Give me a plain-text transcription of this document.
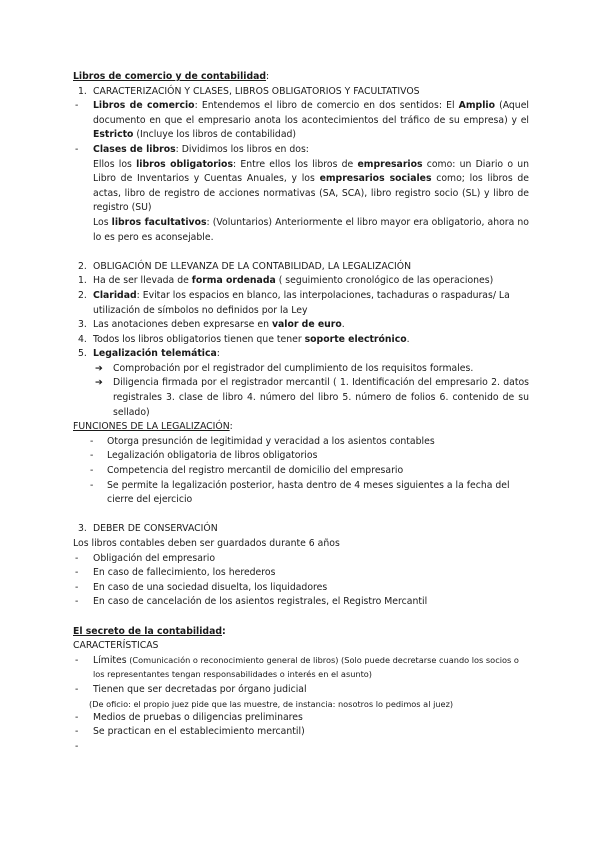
Libros de comercio y de contabilidad:
1. CARACTERIZACIÓN Y CLASES, LIBROS OBLIGATORIOS Y FACULTATIVOS
- Libros de comercio: Entendemos el libro de comercio en dos sentidos: El Amplio (Aquel documento en que el empresario anota los acontecimientos del tráfico de su empresa) y el Estricto (Incluye los libros de contabilidad)
- Clases de libros: Dividimos los libros en dos:
Ellos los libros obligatorios: Entre ellos los libros de empresarios como: un Diario o un Libro de Inventarios y Cuentas Anuales, y los empresarios sociales como; los libros de actas, libro de registro de acciones normativas (SA, SCA), libro registro socio (SL) y libro de registro (SU)
Los libros facultativos: (Voluntarios) Anteriormente el libro mayor era obligatorio, ahora no lo es pero es aconsejable.
2. OBLIGACIÓN DE LLEVANZA DE LA CONTABILIDAD, LA LEGALIZACIÓN
1. Ha de ser llevada de forma ordenada ( seguimiento cronológico de las operaciones)
2. Claridad: Evitar los espacios en blanco, las interpolaciones, tachaduras o raspaduras/ La utilización de símbolos no definidos por la Ley
3. Las anotaciones deben expresarse en valor de euro.
4. Todos los libros obligatorios tienen que tener soporte electrónico.
5. Legalización telemática:
➔ Comprobación por el registrador del cumplimiento de los requisitos formales.
➔ Diligencia firmada por el registrador mercantil ( 1. Identificación del empresario 2. datos registrales 3. clase de libro 4. número del libro 5. número de folios 6. contenido de su sellado)
FUNCIONES DE LA LEGALIZACIÓN:
- Otorga presunción de legitimidad y veracidad a los asientos contables
- Legalización obligatoria de libros obligatorios
- Competencia del registro mercantil de domicilio del empresario
- Se permite la legalización posterior, hasta dentro de 4 meses siguientes a la fecha del cierre del ejercicio
3. DEBER DE CONSERVACIÓN
Los libros contables deben ser guardados durante 6 años
- Obligación del empresario
- En caso de fallecimiento, los herederos
- En caso de una sociedad disuelta, los liquidadores
- En caso de cancelación de los asientos registrales, el Registro Mercantil
El secreto de la contabilidad:
CARACTERÍSTICAS
- Límites (Comunicación o reconocimiento general de libros) (Solo puede decretarse cuando los socios o los representantes tengan responsabilidades o interés en el asunto)
- Tienen que ser decretadas por órgano judicial
(De oficio: el propio juez pide que las muestre, de instancia: nosotros lo pedimos al juez)
- Medios de pruebas o diligencias preliminares
- Se practican en el establecimiento mercantil)
-
